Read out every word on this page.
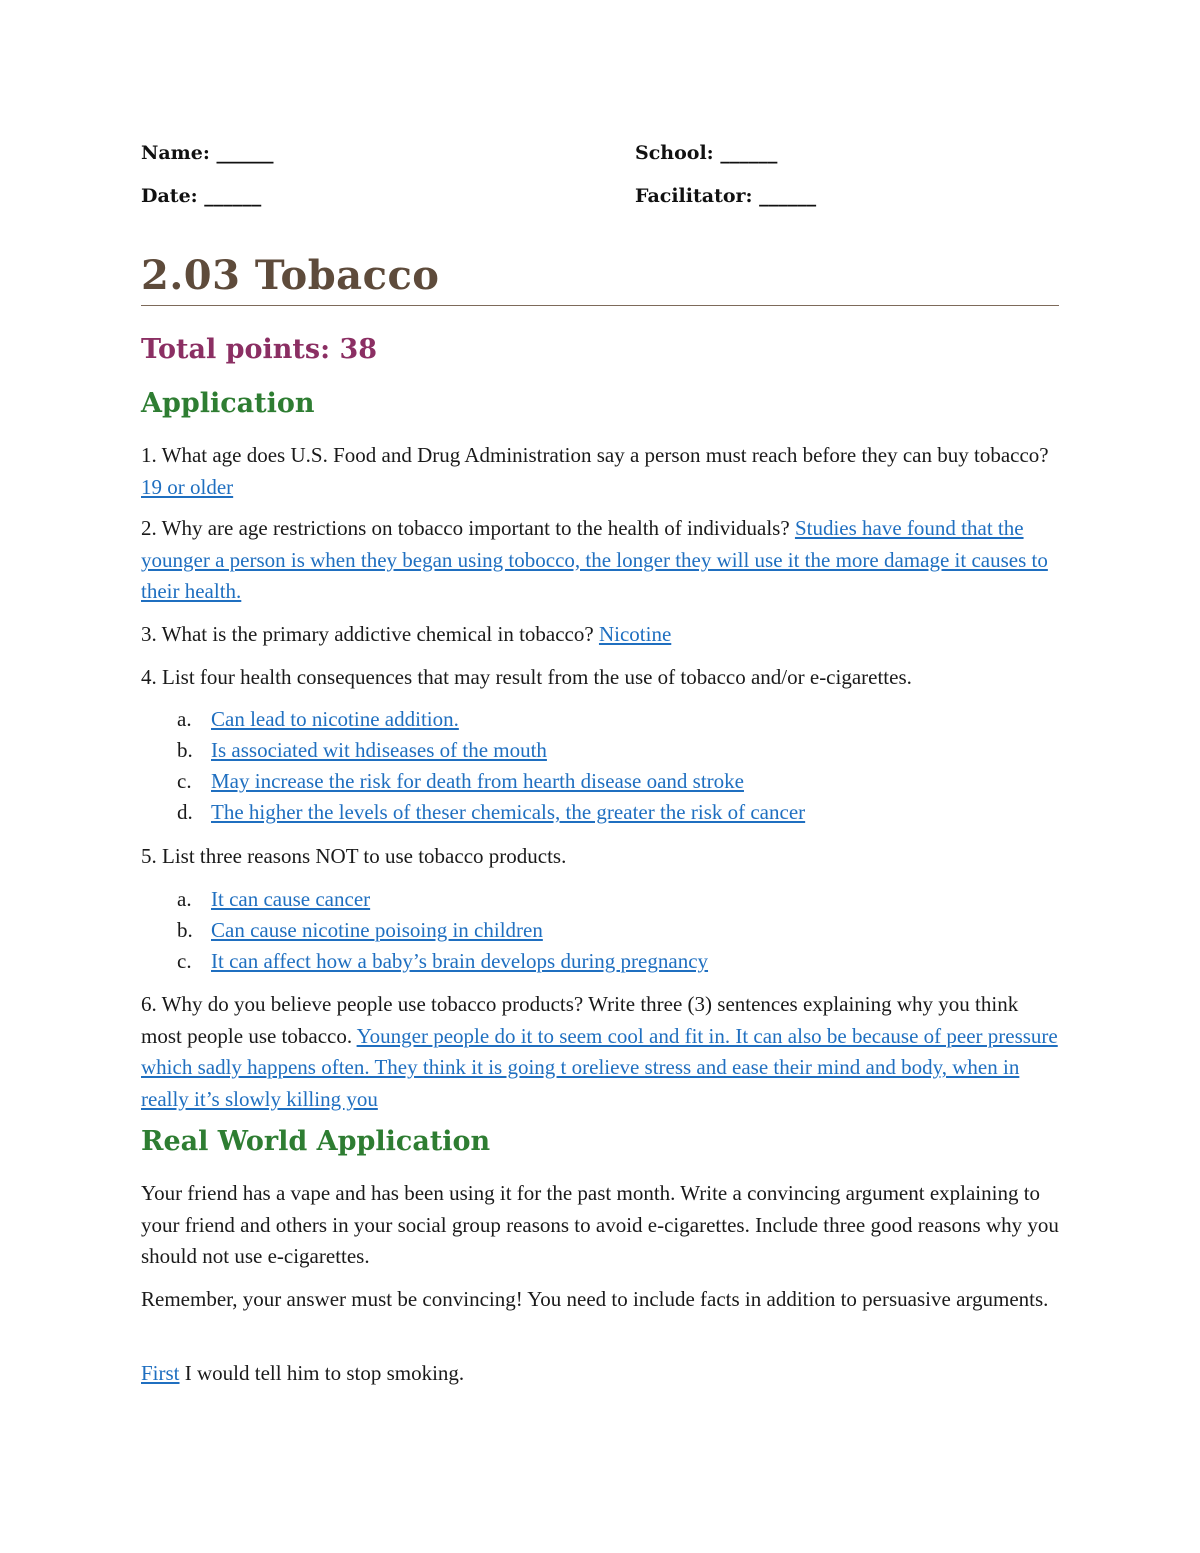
Name: ______	School: ______
Date: ______	Facilitator: ______
2.03 Tobacco
Total points: 38
Application
1. What age does U.S. Food and Drug Administration say a person must reach before they can buy tobacco? 19 or older
2. Why are age restrictions on tobacco important to the health of individuals? Studies have found that the younger a person is when they began using tobocco, the longer they will use it the more damage it causes to their health.
3. What is the primary addictive chemical in tobacco? Nicotine
4. List four health consequences that may result from the use of tobacco and/or e-cigarettes.
a. Can lead to nicotine addition.
b. Is associated wit hdiseases of the mouth
c. May increase the risk for death from hearth disease oand stroke
d. The higher the levels of theser chemicals, the greater the risk of cancer
5. List three reasons NOT to use tobacco products.
a. It can cause cancer
b. Can cause nicotine poisoing in children
c. It can affect how a baby’s brain develops during pregnancy
6. Why do you believe people use tobacco products? Write three (3) sentences explaining why you think most people use tobacco. Younger people do it to seem cool and fit in. It can also be because of peer pressure which sadly happens often. They think it is going t orelieve stress and ease their mind and body, when in really it’s slowly killing you
Real World Application
Your friend has a vape and has been using it for the past month. Write a convincing argument explaining to your friend and others in your social group reasons to avoid e-cigarettes. Include three good reasons why you should not use e-cigarettes.
Remember, your answer must be convincing! You need to include facts in addition to persuasive arguments.
First I would tell him to stop smoking.
